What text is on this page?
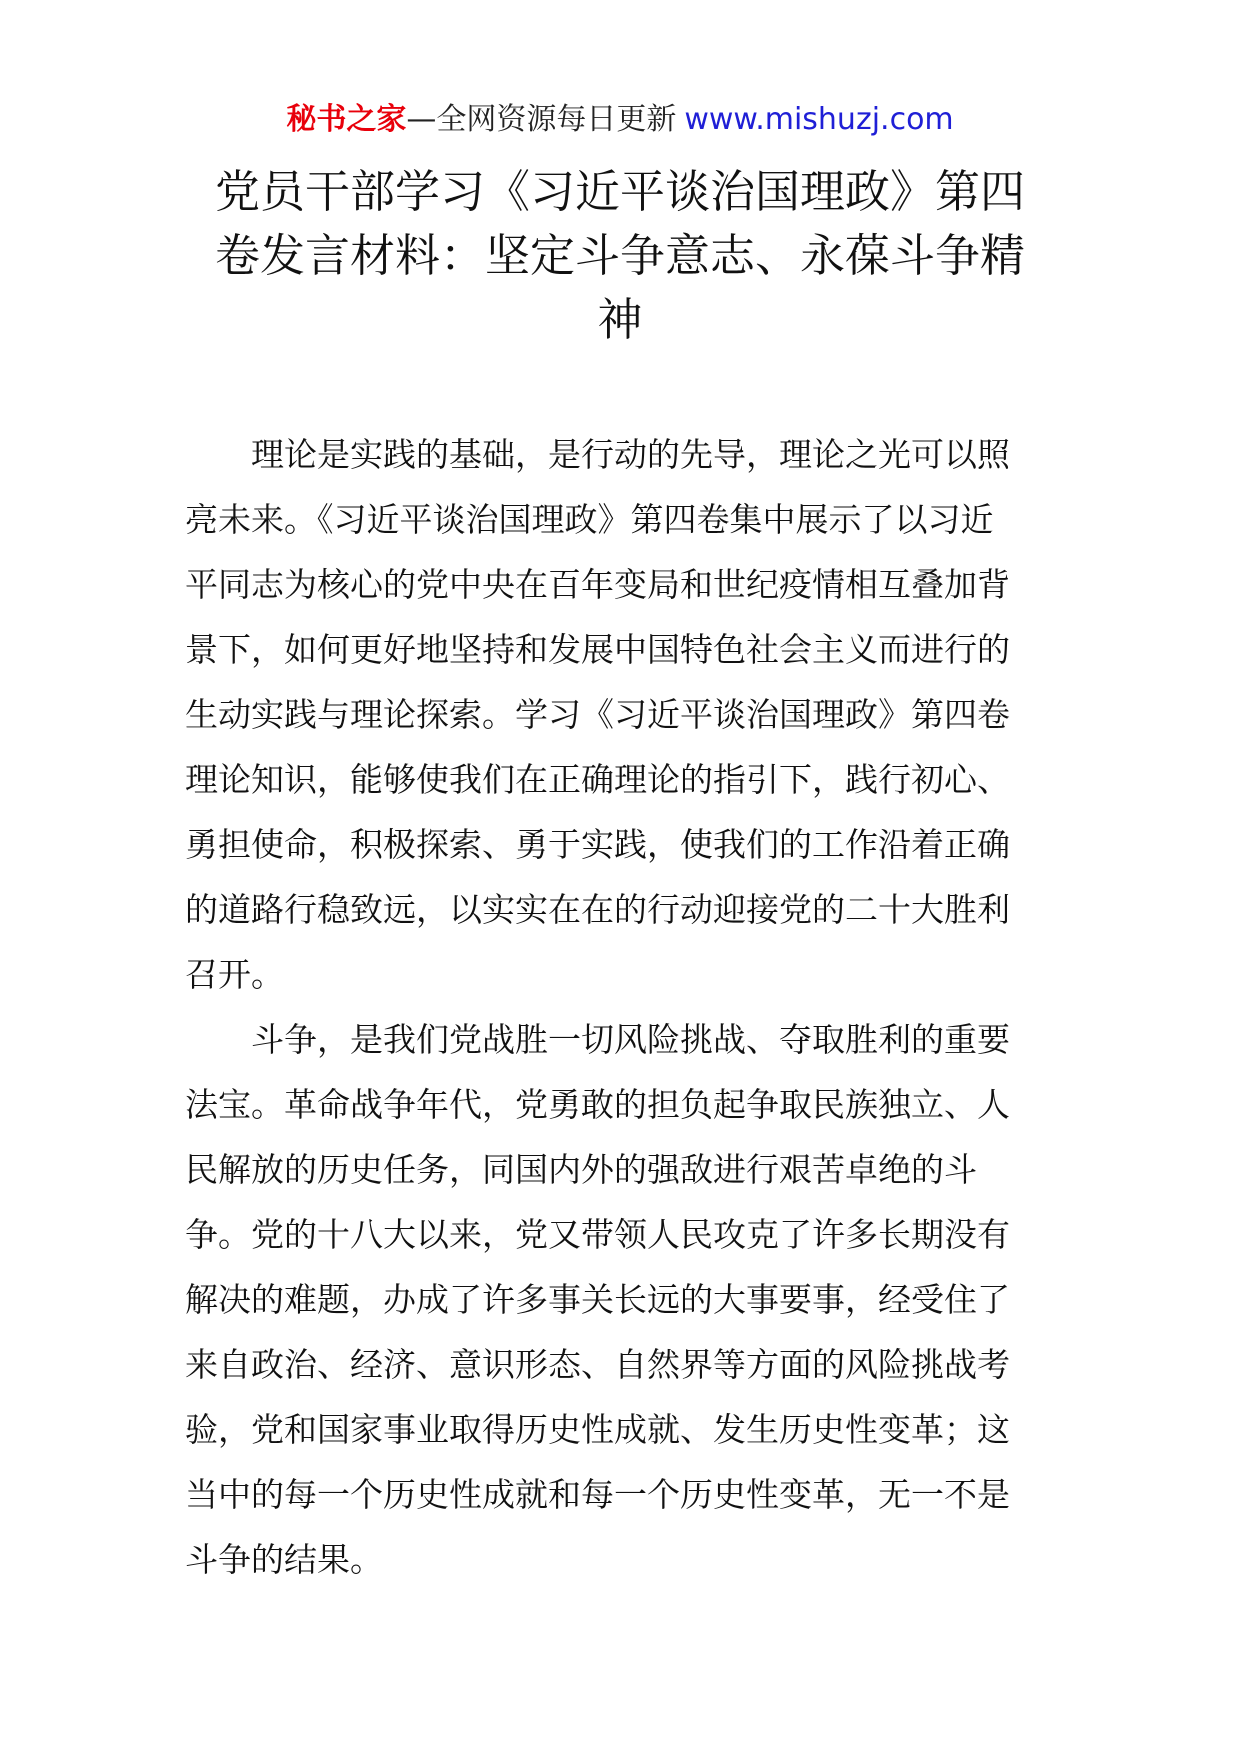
秘书之家—全网资源每日更新 www.mishuzj.com
党员干部学习《习近平谈治国理政》第四
卷发言材料：坚定斗争意志、永葆斗争精
神

理论是实践的基础，是行动的先导，理论之光可以照
亮未来。《习近平谈治国理政》第四卷集中展示了以习近
平同志为核心的党中央在百年变局和世纪疫情相互叠加背
景下，如何更好地坚持和发展中国特色社会主义而进行的
生动实践与理论探索。学习《习近平谈治国理政》第四卷
理论知识，能够使我们在正确理论的指引下，践行初心、
勇担使命，积极探索、勇于实践，使我们的工作沿着正确
的道路行稳致远，以实实在在的行动迎接党的二十大胜利
召开。

斗争，是我们党战胜一切风险挑战、夺取胜利的重要
法宝。革命战争年代，党勇敢的担负起争取民族独立、人
民解放的历史任务，同国内外的强敌进行艰苦卓绝的斗
争。党的十八大以来，党又带领人民攻克了许多长期没有
解决的难题，办成了许多事关长远的大事要事，经受住了
来自政治、经济、意识形态、自然界等方面的风险挑战考
验，党和国家事业取得历史性成就、发生历史性变革；这
当中的每一个历史性成就和每一个历史性变革，无一不是
斗争的结果。
